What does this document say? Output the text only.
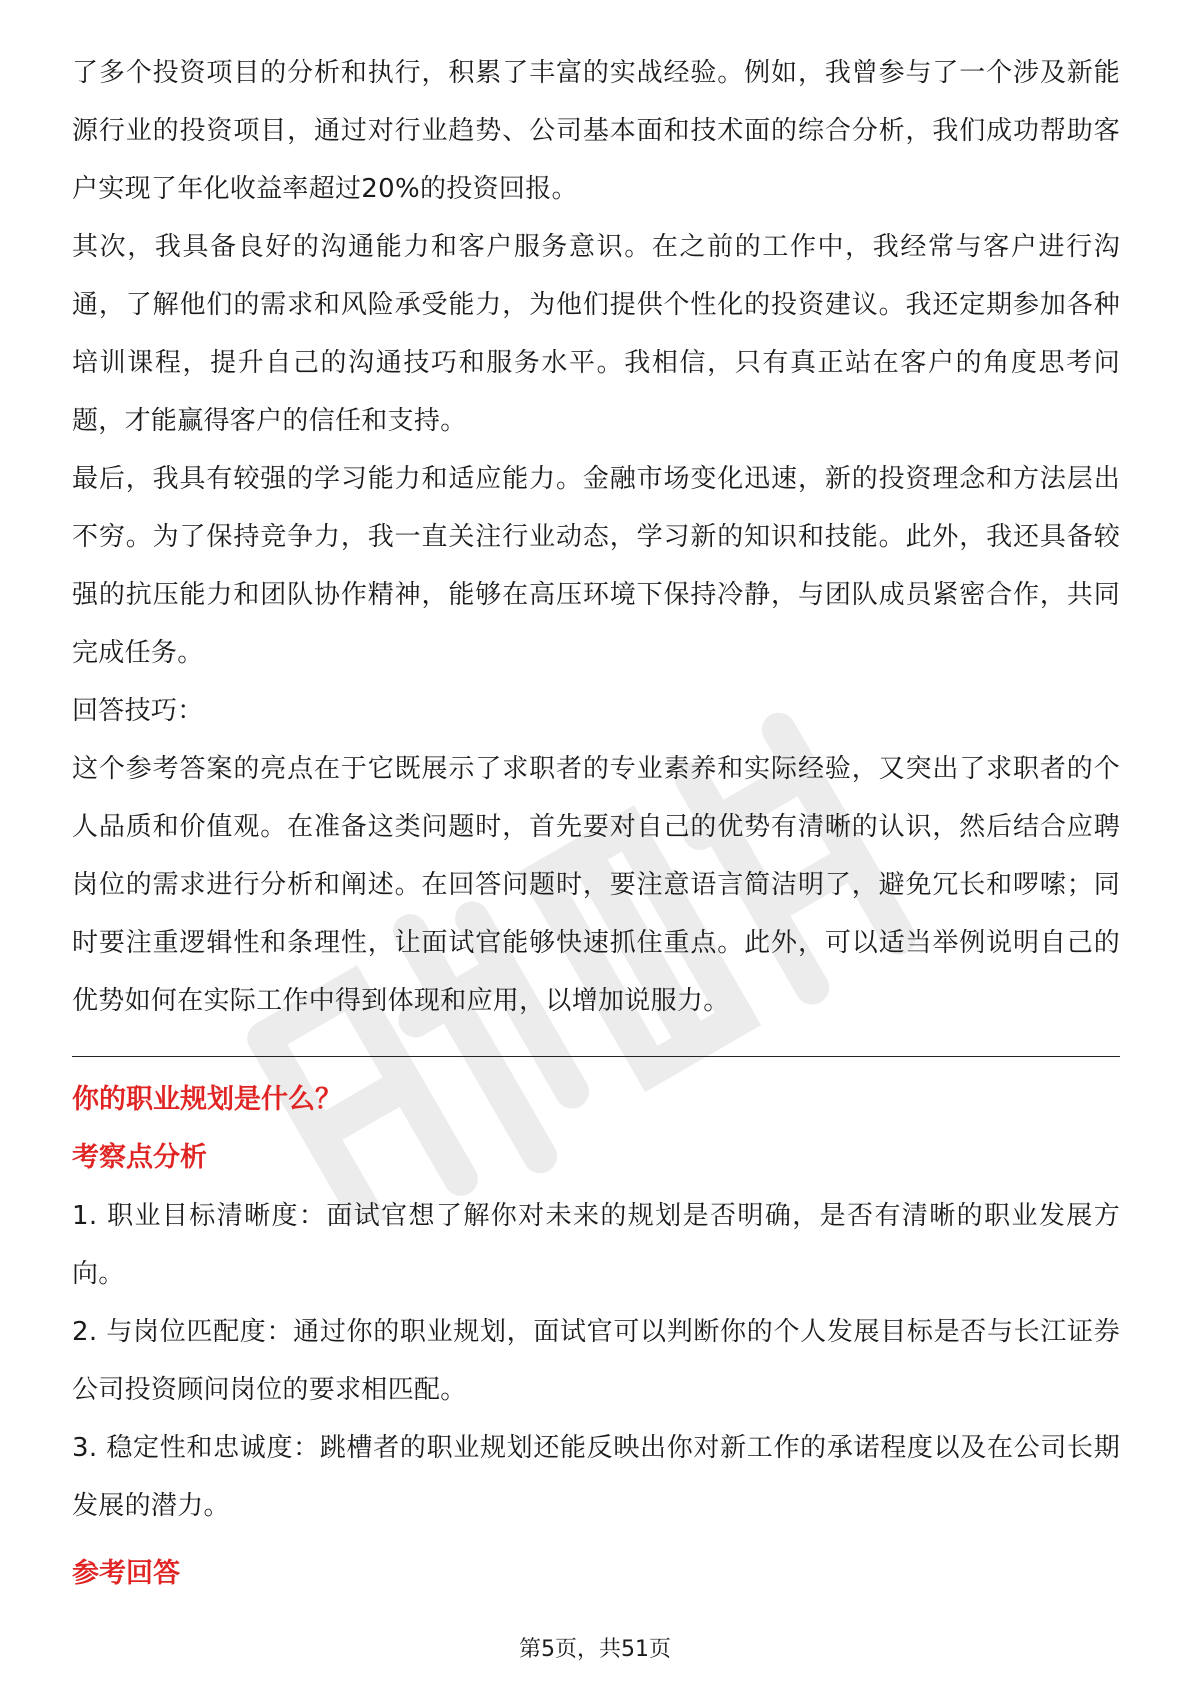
了多个投资项目的分析和执行，积累了丰富的实战经验。例如，我曾参与了一个涉及新能源行业的投资项目，通过对行业趋势、公司基本面和技术面的综合分析，我们成功帮助客户实现了年化收益率超过20%的投资回报。

其次，我具备良好的沟通能力和客户服务意识。在之前的工作中，我经常与客户进行沟通，了解他们的需求和风险承受能力，为他们提供个性化的投资建议。我还定期参加各种培训课程，提升自己的沟通技巧和服务水平。我相信，只有真正站在客户的角度思考问题，才能赢得客户的信任和支持。

最后，我具有较强的学习能力和适应能力。金融市场变化迅速，新的投资理念和方法层出不穷。为了保持竞争力，我一直关注行业动态，学习新的知识和技能。此外，我还具备较强的抗压能力和团队协作精神，能够在高压环境下保持冷静，与团队成员紧密合作，共同完成任务。

回答技巧：

这个参考答案的亮点在于它既展示了求职者的专业素养和实际经验，又突出了求职者的个人品质和价值观。在准备这类问题时，首先要对自己的优势有清晰的认识，然后结合应聘岗位的需求进行分析和阐述。在回答问题时，要注意语言简洁明了，避免冗长和啰嗦；同时要注重逻辑性和条理性，让面试官能够快速抓住重点。此外，可以适当举例说明自己的优势如何在实际工作中得到体现和应用，以增加说服力。

你的职业规划是什么？

考察点分析

1. 职业目标清晰度：面试官想了解你对未来的规划是否明确，是否有清晰的职业发展方向。

2. 与岗位匹配度：通过你的职业规划，面试官可以判断你的个人发展目标是否与长江证券公司投资顾问岗位的要求相匹配。

3. 稳定性和忠诚度：跳槽者的职业规划还能反映出你对新工作的承诺程度以及在公司长期发展的潜力。

参考回答

第5页，共51页
